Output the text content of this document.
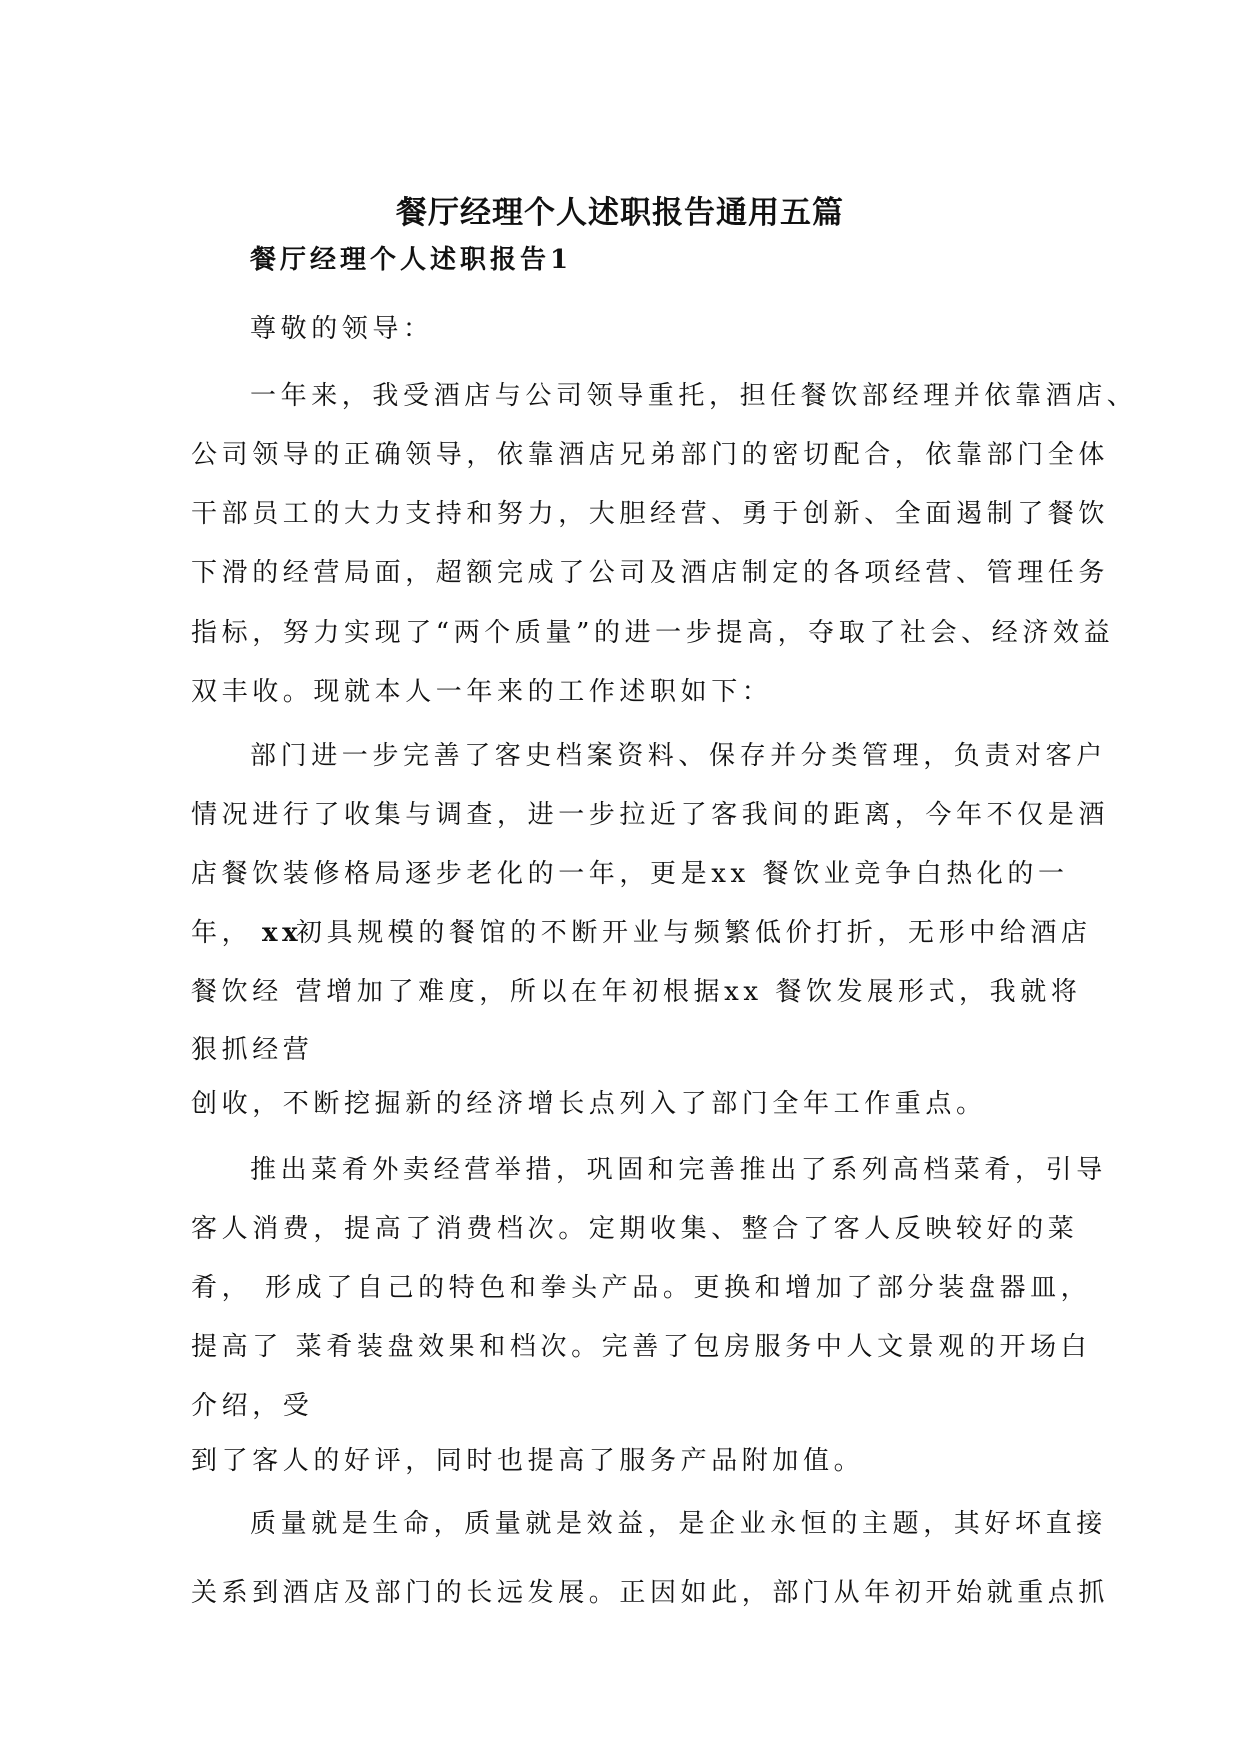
餐厅经理个人述职报告通用五篇
餐厅经理个人述职报告1
尊敬的领导：
一年来，我受酒店与公司领导重托，担任餐饮部经理并依靠酒店、
公司领导的正确领导，依靠酒店兄弟部门的密切配合，依靠部门全体
干部员工的大力支持和努力，大胆经营、勇于创新、全面遏制了餐饮
下滑的经营局面，超额完成了公司及酒店制定的各项经营、管理任务
指标，努力实现了“两个质量”的进一步提高，夺取了社会、经济效益
双丰收。现就本人一年来的工作述职如下：
部门进一步完善了客史档案资料、保存并分类管理，负责对客户
情况进行了收集与调查，进一步拉近了客我间的距离，今年不仅是酒
店餐饮装修格局逐步老化的一年，更是xx 餐饮业竞争白热化的一
年， xx
初具规模的餐馆的不断开业与频繁低价打折，无形中给酒店
餐饮经 营增加了难度，所以在年初根据xx 餐饮发展形式，我就将
狠抓经营
创收，不断挖掘新的经济增长点列入了部门全年工作重点。
推出菜肴外卖经营举措，巩固和完善推出了系列高档菜肴，引导
客人消费，提高了消费档次。定期收集、整合了客人反映较好的菜
肴， 形成了自己的特色和拳头产品。更换和增加了部分装盘器皿，
提高了 菜肴装盘效果和档次。完善了包房服务中人文景观的开场白
介绍，受
到了客人的好评，同时也提高了服务产品附加值。
质量就是生命，质量就是效益，是企业永恒的主题，其好坏直接
关系到酒店及部门的长远发展。正因如此，部门从年初开始就重点抓
